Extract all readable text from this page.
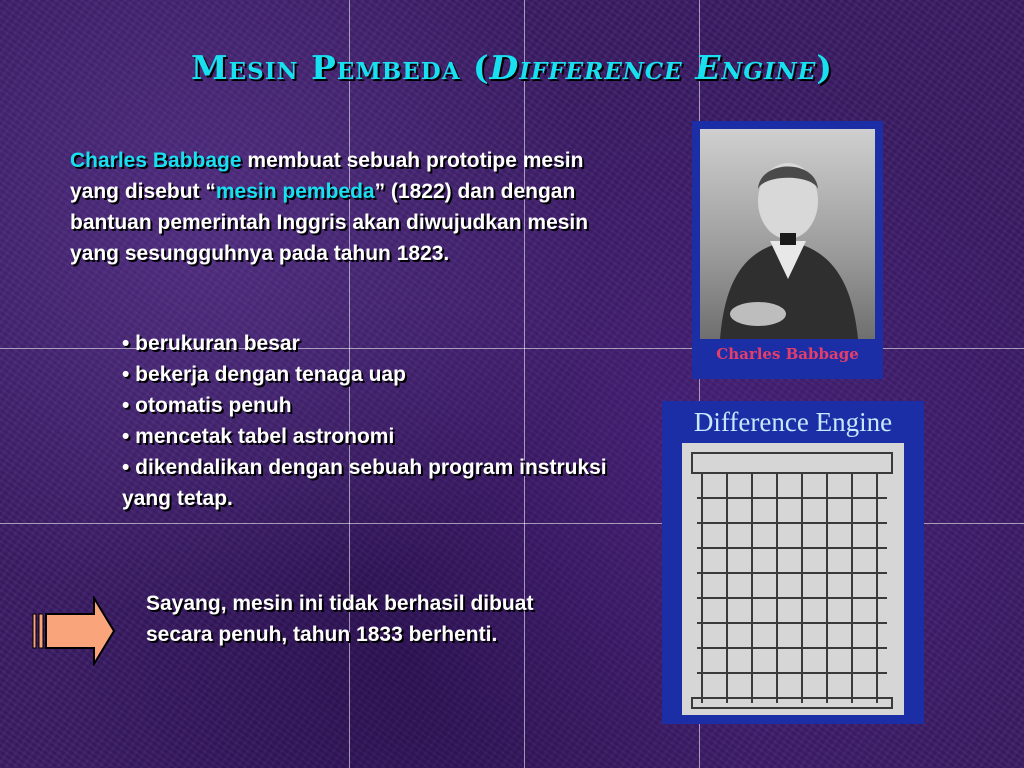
Mesin Pembeda (Difference Engine)
Charles Babbage membuat sebuah prototipe mesin yang disebut “mesin pembeda” (1822) dan dengan bantuan pemerintah Inggris akan diwujudkan mesin yang sesungguhnya pada tahun 1823.
• berukuran besar
• bekerja dengan tenaga uap
• otomatis penuh
• mencetak tabel astronomi
• dikendalikan dengan sebuah program instruksi yang tetap.
Sayang, mesin ini tidak berhasil dibuat secara penuh, tahun 1833 berhenti.
Charles Babbage
Difference Engine
